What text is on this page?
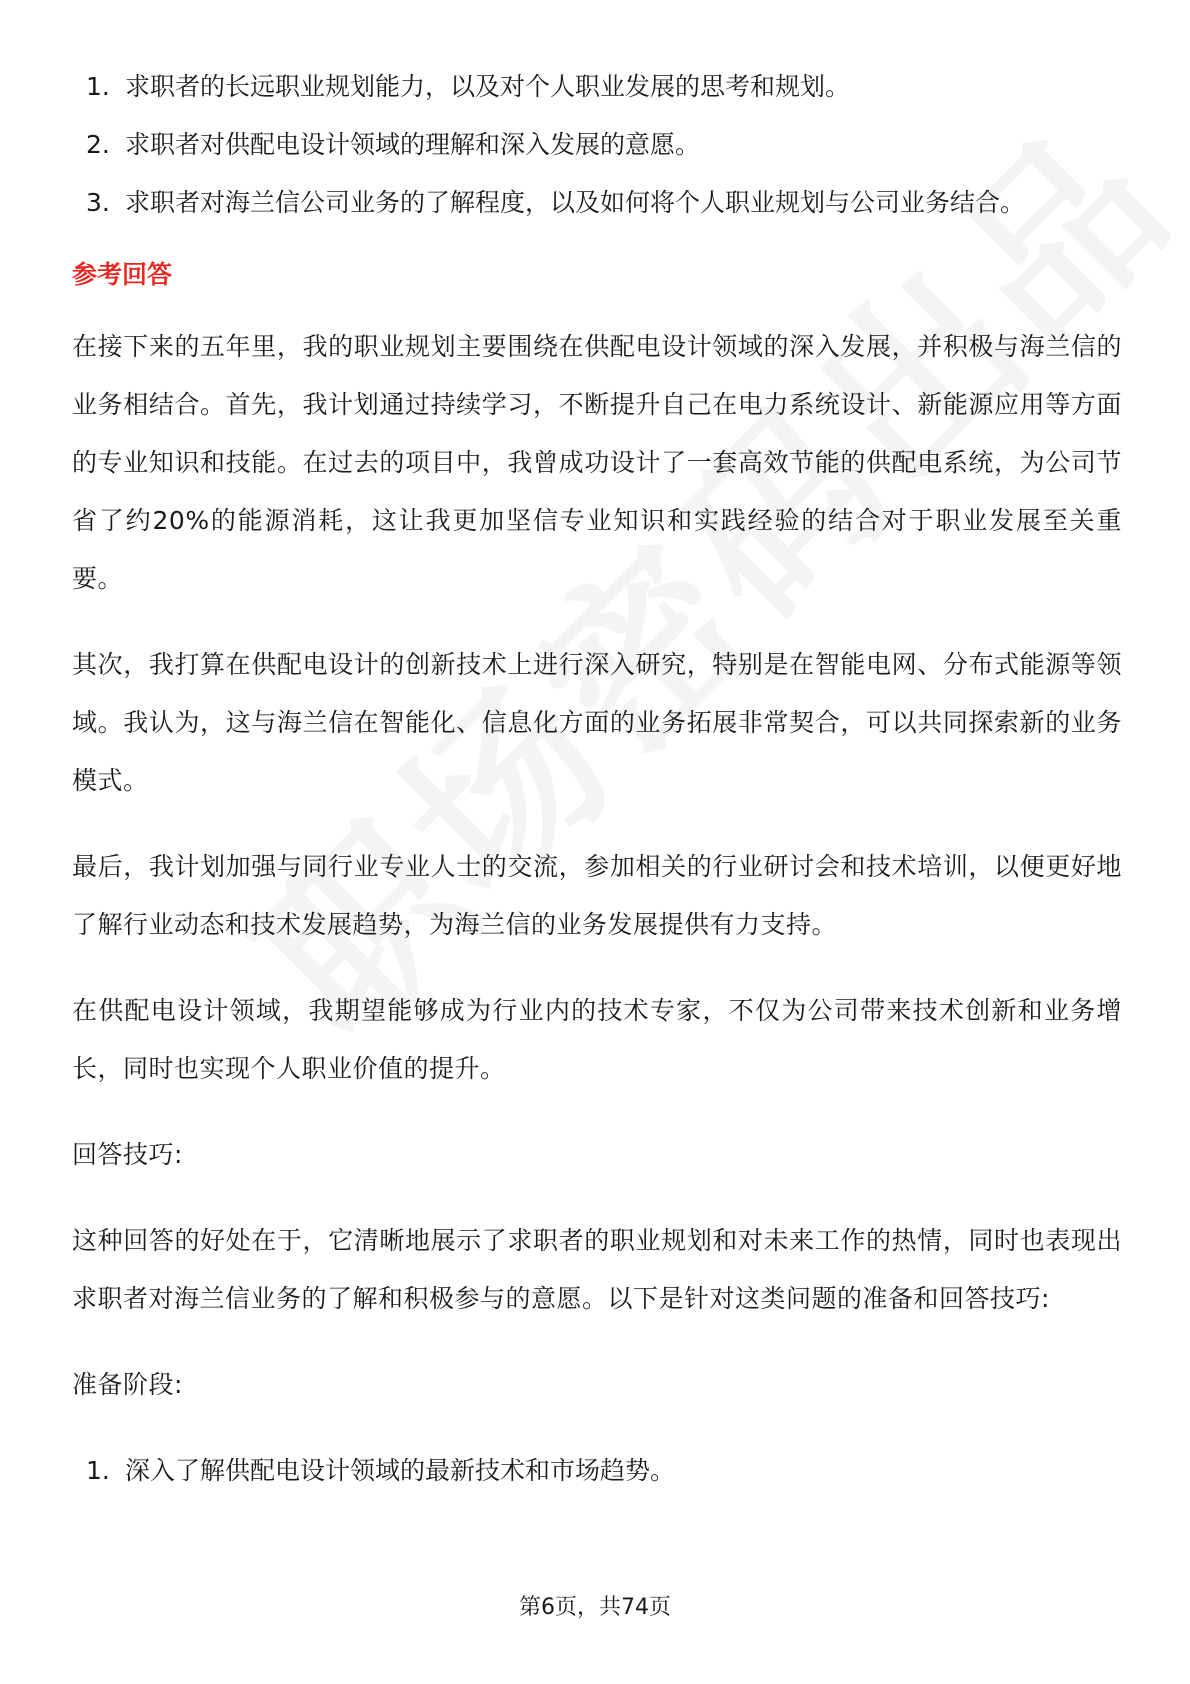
1. 求职者的长远职业规划能力，以及对个人职业发展的思考和规划。
2. 求职者对供配电设计领域的理解和深入发展的意愿。
3. 求职者对海兰信公司业务的了解程度，以及如何将个人职业规划与公司业务结合。
参考回答

在接下来的五年里，我的职业规划主要围绕在供配电设计领域的深入发展，并积极与海兰信的业务相结合。首先，我计划通过持续学习，不断提升自己在电力系统设计、新能源应用等方面的专业知识和技能。在过去的项目中，我曾成功设计了一套高效节能的供配电系统，为公司节省了约20%的能源消耗，这让我更加坚信专业知识和实践经验的结合对于职业发展至关重要。

其次，我打算在供配电设计的创新技术上进行深入研究，特别是在智能电网、分布式能源等领域。我认为，这与海兰信在智能化、信息化方面的业务拓展非常契合，可以共同探索新的业务模式。

最后，我计划加强与同行业专业人士的交流，参加相关的行业研讨会和技术培训，以便更好地了解行业动态和技术发展趋势，为海兰信的业务发展提供有力支持。

在供配电设计领域，我期望能够成为行业内的技术专家，不仅为公司带来技术创新和业务增长，同时也实现个人职业价值的提升。

回答技巧:

这种回答的好处在于，它清晰地展示了求职者的职业规划和对未来工作的热情，同时也表现出求职者对海兰信业务的了解和积极参与的意愿。以下是针对这类问题的准备和回答技巧:

准备阶段:

1. 深入了解供配电设计领域的最新技术和市场趋势。
第6页，共74页
